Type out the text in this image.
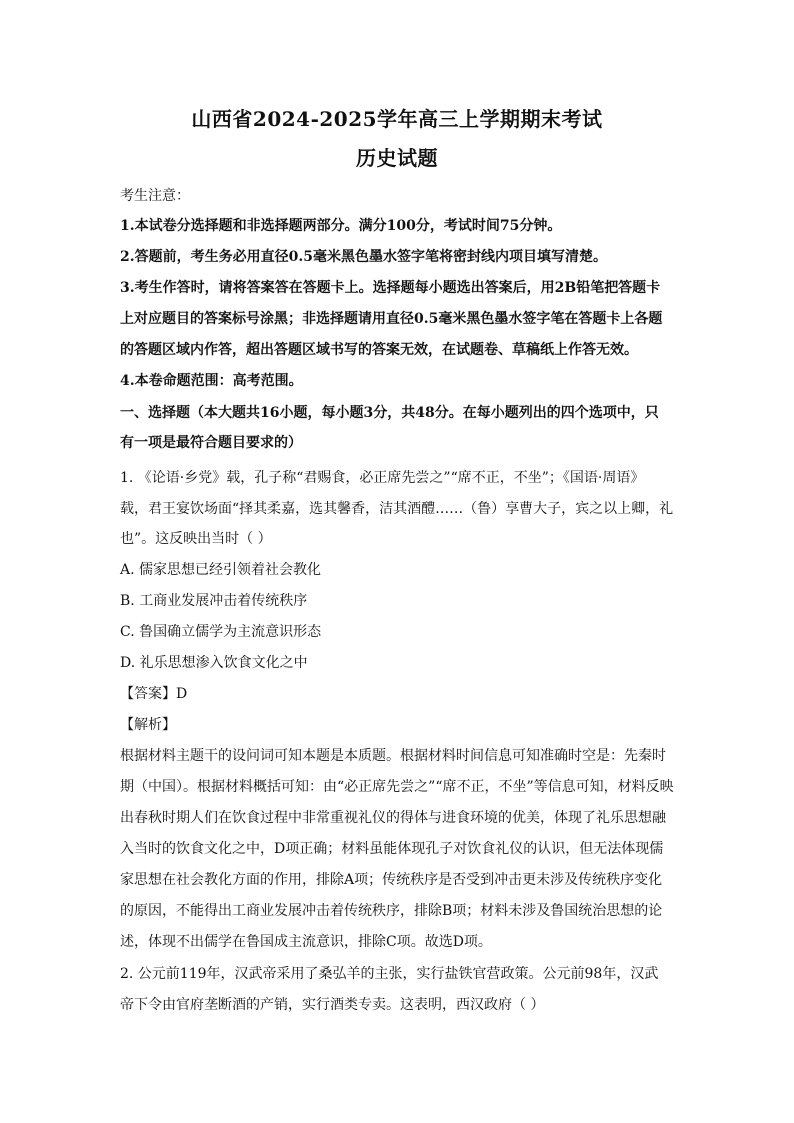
山西省2024-2025学年高三上学期期末考试
历史试题
考生注意：
1.本试卷分选择题和非选择题两部分。满分100分，考试时间75分钟。
2.答题前，考生务必用直径0.5毫米黑色墨水签字笔将密封线内项目填写清楚。
3.考生作答时，请将答案答在答题卡上。选择题每小题选出答案后，用2B铅笔把答题卡
上对应题目的答案标号涂黑；非选择题请用直径0.5毫米黑色墨水签字笔在答题卡上各题
的答题区域内作答，超出答题区域书写的答案无效，在试题卷、草稿纸上作答无效。
4.本卷命题范围：高考范围。
一、选择题（本大题共16小题，每小题3分，共48分。在每小题列出的四个选项中，只
有一项是最符合题目要求的）
1. 《论语·乡党》载，孔子称“君赐食，必正席先尝之”“席不正，不坐”；《国语·周语》
载，君王宴饮场面“择其柔嘉，选其馨香，洁其酒醴……（鲁）享曹大子，宾之以上卿，礼
也”。这反映出当时（ ）
A. 儒家思想已经引领着社会教化
B. 工商业发展冲击着传统秩序
C. 鲁国确立儒学为主流意识形态
D. 礼乐思想渗入饮食文化之中
【答案】D
【解析】
根据材料主题干的设问词可知本题是本质题。根据材料时间信息可知准确时空是：先秦时
期（中国）。根据材料概括可知：由“必正席先尝之”“席不正，不坐”等信息可知，材料反映
出春秋时期人们在饮食过程中非常重视礼仪的得体与进食环境的优美，体现了礼乐思想融
入当时的饮食文化之中，D项正确；材料虽能体现孔子对饮食礼仪的认识，但无法体现儒
家思想在社会教化方面的作用，排除A项；传统秩序是否受到冲击更未涉及传统秩序变化
的原因，不能得出工商业发展冲击着传统秩序，排除B项；材料未涉及鲁国统治思想的论
述，体现不出儒学在鲁国成主流意识，排除C项。故选D项。
2. 公元前119年，汉武帝采用了桑弘羊的主张，实行盐铁官营政策。公元前98年，汉武
帝下令由官府垄断酒的产销，实行酒类专卖。这表明，西汉政府（ ）
